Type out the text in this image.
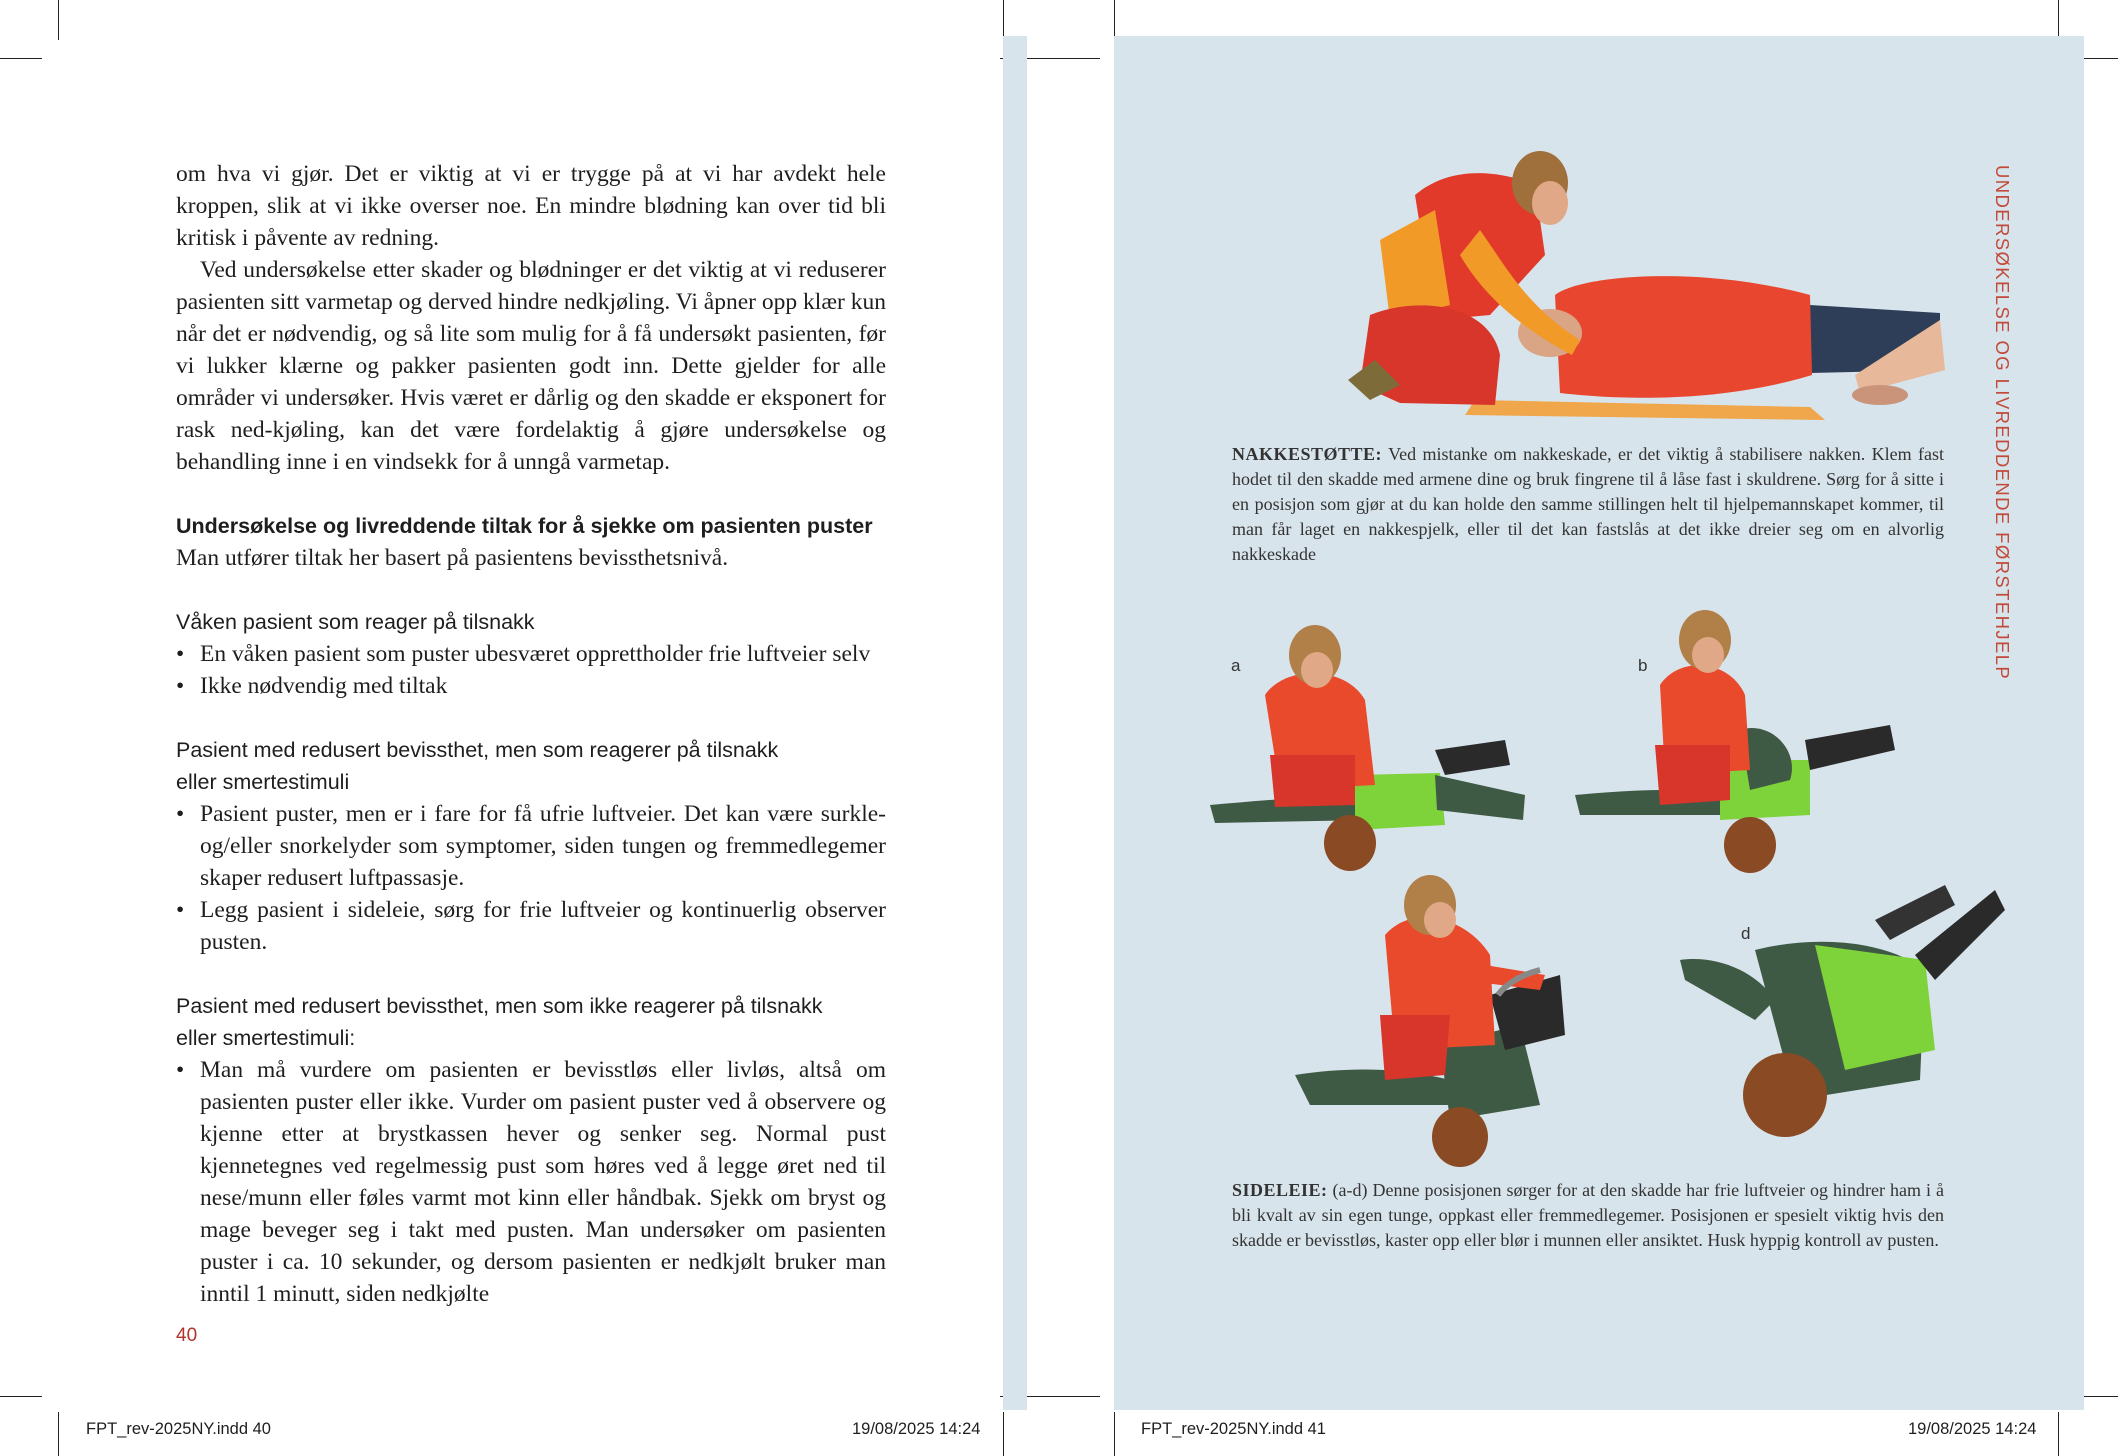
om hva vi gjør. Det er viktig at vi er trygge på at vi har avdekt hele kroppen, slik at vi ikke overser noe. En mindre blødning kan over tid bli kritisk i påvente av redning.

Ved undersøkelse etter skader og blødninger er det viktig at vi reduserer pasienten sitt varmetap og derved hindre nedkjøling. Vi åpner opp klær kun når det er nødvendig, og så lite som mulig for å få undersøkt pasienten, før vi lukker klærne og pakker pasienten godt inn. Dette gjelder for alle områder vi undersøker. Hvis været er dårlig og den skadde er eksponert for rask ned-kjøling, kan det være fordelaktig å gjøre undersøkelse og behandling inne i en vindsekk for å unngå varmetap.

Undersøkelse og livreddende tiltak for å sjekke om pasienten puster

Man utfører tiltak her basert på pasientens bevissthetsnivå.

Våken pasient som reager på tilsnakk

• En våken pasient som puster ubesværet opprettholder frie luftveier selv
• Ikke nødvendig med tiltak

Pasient med redusert bevissthet, men som reagerer på tilsnakk
eller smertestimuli

• Pasient puster, men er i fare for få ufrie luftveier. Det kan være surkle- og/eller snorkelyder som symptomer, siden tungen og fremmedlegemer skaper redusert luftpassasje.
• Legg pasient i sideleie, sørg for frie luftveier og kontinuerlig observer pusten.

Pasient med redusert bevissthet, men som ikke reagerer på tilsnakk
eller smertestimuli:

• Man må vurdere om pasienten er bevisstløs eller livløs, altså om pasienten puster eller ikke. Vurder om pasient puster ved å observere og kjenne etter at brystkassen hever og senker seg. Normal pust kjennetegnes ved regelmessig pust som høres ved å legge øret ned til nese/munn eller føles varmt mot kinn eller håndbak. Sjekk om bryst og mage beveger seg i takt med pusten. Man undersøker om pasienten puster i ca. 10 sekunder, og dersom pasienten er nedkjølt bruker man inntil 1 minutt, siden nedkjølte
40
FPT_rev-2025NY.indd 40	19/08/2025 14:24
UNDERSØKELSE OG LIVREDDENDE FØRSTEHJELP
NAKKESTØTTE: Ved mistanke om nakkeskade, er det viktig å stabilisere nakken. Klem fast hodet til den skadde med armene dine og bruk fingrene til å låse fast i skuldrene. Sørg for å sitte i en posisjon som gjør at du kan holde den samme stillingen helt til hjelpemannskapet kommer, til man får laget en nakkespjelk, eller til det kan fastslås at det ikke dreier seg om en alvorlig nakkeskade
a	b
d
SIDELEIE: (a-d) Denne posisjonen sørger for at den skadde har frie luftveier og hindrer ham i å bli kvalt av sin egen tunge, oppkast eller fremmedlegemer. Posisjonen er spesielt viktig hvis den skadde er bevisstløs, kaster opp eller blør i munnen eller ansiktet. Husk hyppig kontroll av pusten.
FPT_rev-2025NY.indd 41	19/08/2025 14:24
